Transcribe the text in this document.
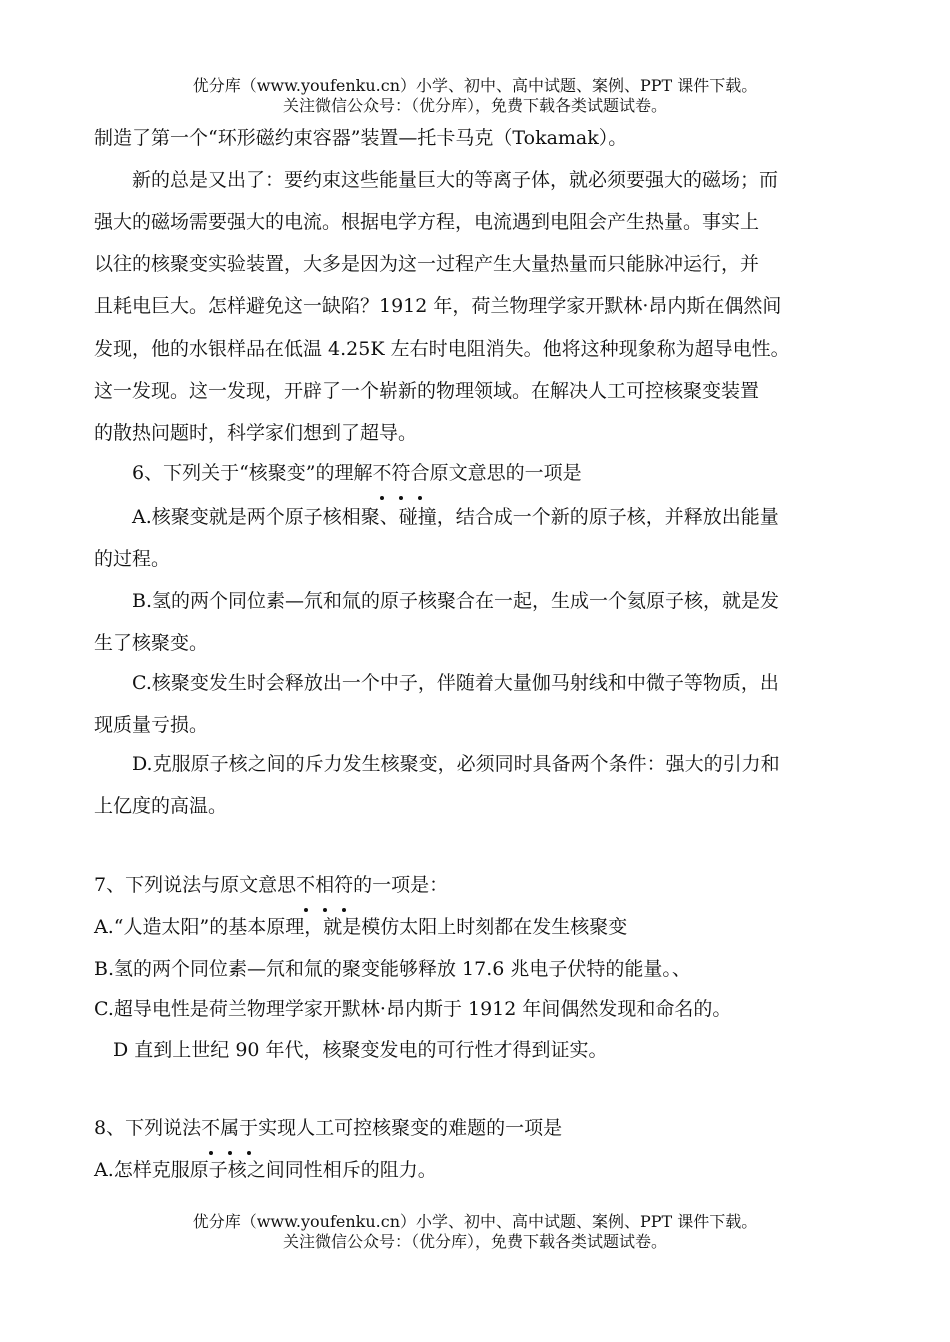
优分库（www.youfenku.cn）小学、初中、高中试题、案例、PPT 课件下载。
关注微信公众号：（优分库），免费下载各类试题试卷。
制造了第一个“环形磁约束容器”装置—托卡马克（Tokamak）。
　　新的总是又出了：要约束这些能量巨大的等离子体，就必须要强大的磁场；而
强大的磁场需要强大的电流。根据电学方程，电流遇到电阻会产生热量。事实上
以往的核聚变实验装置，大多是因为这一过程产生大量热量而只能脉冲运行，并
且耗电巨大。怎样避免这一缺陷？1912 年，荷兰物理学家开默林·昂内斯在偶然间
发现，他的水银样品在低温 4.25K 左右时电阻消失。他将这种现象称为超导电性。
这一发现。这一发现，开辟了一个崭新的物理领域。在解决人工可控核聚变装置
的散热问题时，科学家们想到了超导。
　　6、下列关于“核聚变”的理解不符合原文意思的一项是
　　A.核聚变就是两个原子核相聚、碰撞，结合成一个新的原子核，并释放出能量
的过程。
　　B.氢的两个同位素—氘和氚的原子核聚合在一起，生成一个氦原子核，就是发
生了核聚变。
　　C.核聚变发生时会释放出一个中子，伴随着大量伽马射线和中微子等物质，出
现质量亏损。
　　D.克服原子核之间的斥力发生核聚变，必须同时具备两个条件：强大的引力和
上亿度的高温。
7、下列说法与原文意思不相符的一项是：
A.“人造太阳”的基本原理，就是模仿太阳上时刻都在发生核聚变
B.氢的两个同位素—氘和氚的聚变能够释放 17.6 兆电子伏特的能量。、
C.超导电性是荷兰物理学家开默林·昂内斯于 1912 年间偶然发现和命名的。
　D 直到上世纪 90 年代，核聚变发电的可行性才得到证实。
8、下列说法不属于实现人工可控核聚变的难题的一项是
A.怎样克服原子核之间同性相斥的阻力。
优分库（www.youfenku.cn）小学、初中、高中试题、案例、PPT 课件下载。
关注微信公众号：（优分库），免费下载各类试题试卷。
